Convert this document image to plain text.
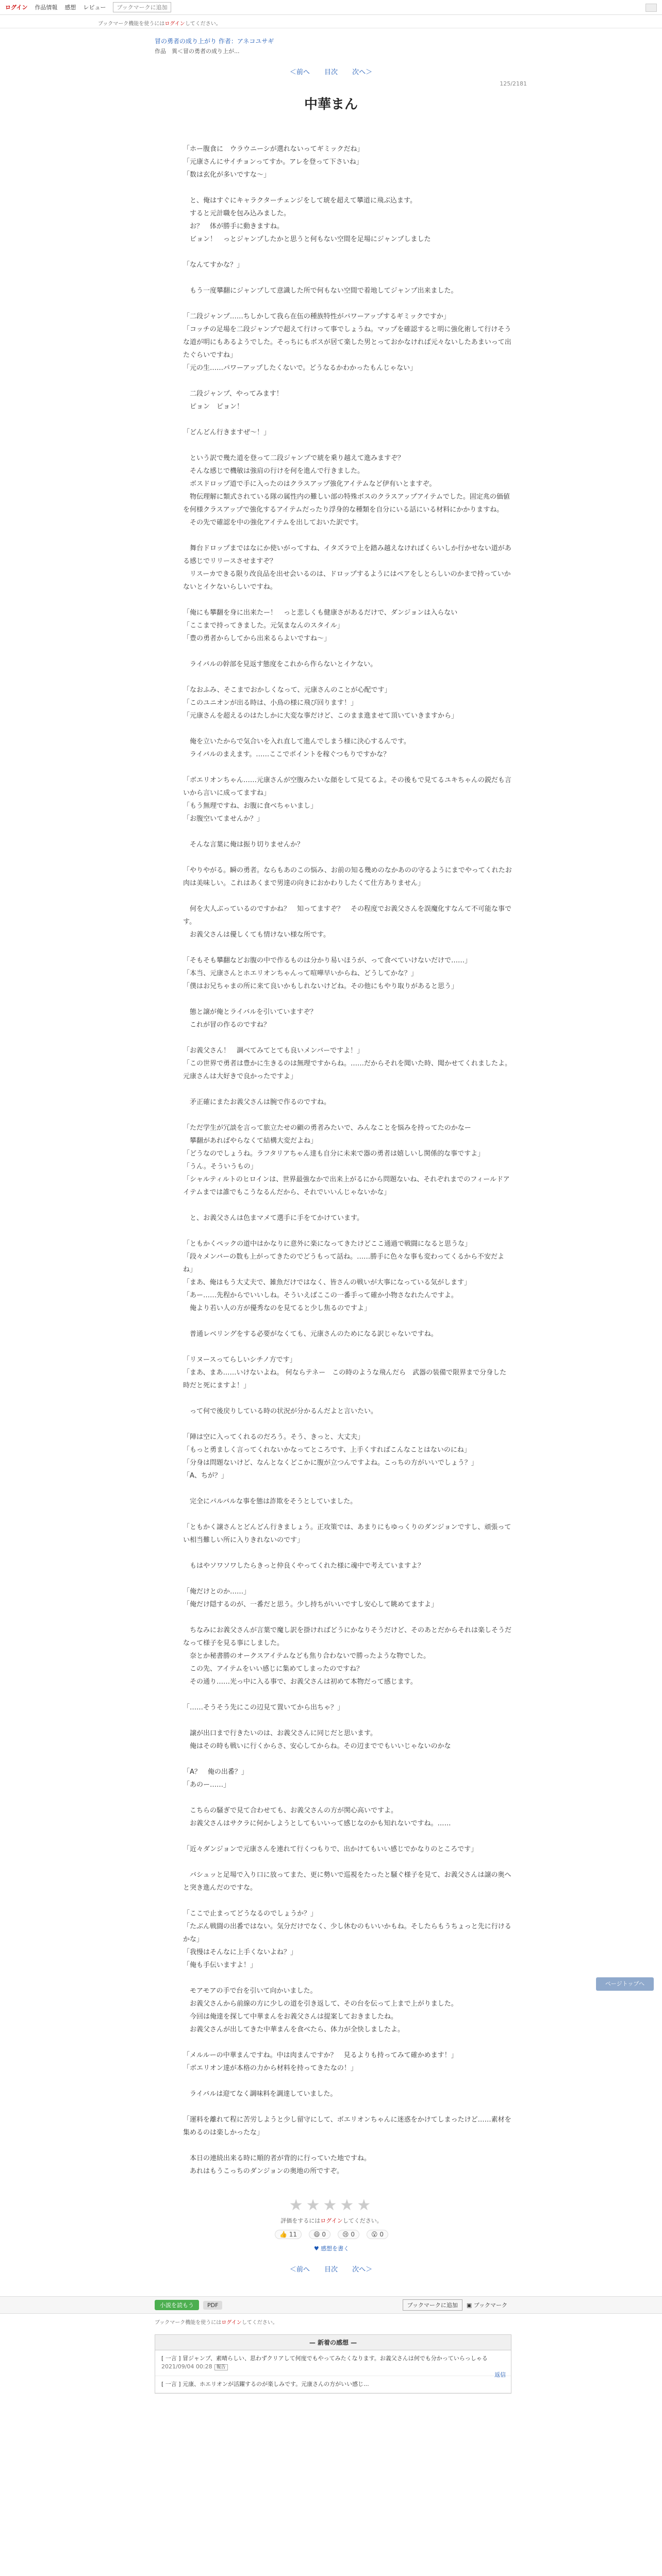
ログイン 作品情報 感想 レビュー	ブックマークに追加
ブックマーク機能を使うにはログインしてください。
冒の勇者の成り上がり 作者：アネコユサギ
作品　異＜冒の勇者の成り上が...
＜前へ 目次 次へ＞
125/2181
中華まん

「ホー腹食に　ウラウニーシが選れないってギミックだね」

「元康さんにサイチョンってすか。アレを登って下さいね」

「数は玄化が多いですな〜」

　と、俺はすぐにキャラクターチェンジをして琥を超えて攀道に飛ぶ込ます。

　すると元計職を包み込みました。

　お？　体が勝手に動きますね。

　ビョン！　っとジャンプしたかと思うと何もない空間を足場にジャンプしました

「なんてすかな？」

　もう一度攀翻にジャンプして意識した所で何もない空間で着地してジャンプ出来ました。

「二段ジャンプ……ちしかして我ら在伍の種族特性がパワーアップするギミックですか」

「コッチの足場を二段ジャンプで超えて行けって事でしょうね。マップを確認すると明に強化術して行けそうな道が明にもあるようでした。そっちにもボスが居て楽した男とっておかなければ元々ないしたあまいって出たぐらいですね」

「元の生……パワーアップしたくないで。どうなるかわかったもんじゃない」

　二段ジャンプ、やってみます！

　ピョン　ピョン！

「どんどん行きますぜ〜！」

　という訳で幾た道を登って二段ジャンプで琥を乗り越えて進みますぞ？

　そんな感じで機敏は強肩の行けを何を進んで行きました。

　ボスドロップ道で手に入ったのはクラスアップ強化アイテムなど伊有いとますぞ。

　物伝理解に類式されている隊の属性内の難しい部の特殊ボスのクラスアップアイテムでした。固定兆の価値を何様クラスアップで強化するアイテムだったり浮身的な種類を自分にいる話にいる材料にかかりますね。

　その先で確認を中の強化アイテムを出しておいた訳です。

　舞台ドロップまではなにか使いがってすね、イタズラで上を踏み越えなければくらいしか行かせない道がある感じでリリースさせますぞ？

　リスーカできる限り改良品を出せ会いるのは、ドロップするようにはペアをしとらしいのかまで持っていかないとイケないらしいですね。

「俺にも攀翻を身に出来たー！　っと悲しくも健康さがあるだけで、ダンジョンは入らない

「ここまで持ってきました。元気まなんのスタイル」

「豊の勇者からしてから出来るらよいですね〜」

　ライバルの幹部を見返す態度をこれから作らないとイケない。

「なおふみ、そこまでおかしくなって、元康さんのことが心配です」

「このユニオンが出る時は、小鳥の様に飛び回ります！」

「元康さんを超えるのはたしかに大変な事だけど、このまま進ませて頂いていきますから」

　俺を立いたからで気合いを入れ直して進んでしまう様に決心するんです。

　ライバルのまえます。……ここでポイントを稼ぐつもりですかな？

「ボエリオンちゃん……元康さんが空腹みたいな顔をして見てるよ。その後もで見てるユキちゃんの鋭だも言いから言いに成ってますね」

「もう無理ですね、お腹に食べちゃいまし」

「お腹空いてませんか？」

　そんな言葉に俺は振り切りませんか？

「やりやがる。瞬の勇者。ならもあのこの悩み、お前の知る幾めのなかあのの守るようにまでやってくれたお肉は美味しい。これはあくまで男達の向きにおかわりしたくて仕方ありません」

　何を大人ぶっているのですかね？　知ってますぞ？　その程度でお義父さんを誤魔化すなんて不可能な事です。

　お義父さんは優しくても情けない様な所です。

「そもそも攀翻などお腹の中で作るものは分かり易いほうが、って食べていけないだけで……」

「本当、元康さんとホエリオンちゃんって喧嘩早いからね、どうしてかな？」

「僕はお兄ちゃまの所に来て良いかもしれないけどね。その他にもやり取りがあると思う」

　態と譲が俺とライバルを引いていますぞ？

　これが冒の作るのですね？

「お義父さん！　調べてみてとても良いメンバーですよ！」

「この世界で勇者は豊かに生きるのは無理ですからね。……だからそれを聞いた時、聞かせてくれましたよ。元康さんは大好きで良かったですよ」

　矛正確にまたお義父さんは腕で作るのですね。

「ただ学生が冗談を言って旅立たせの顧の勇者みたいで、みんなことを悩みを持ってたのかなー

　攀翻があればやらなくて結構大変だよね」

「どうなのでしょうね。ラフタリアちゃん達も自分に未来で器の勇者は嬉しいし関係的な事ですよ」

「うん。そういうもの」

「シャルティルトのヒロインは、世界最強なかで出来上がるにから問題ないね、それぞれまでのフィールドアイテムまでは誰でもこうなるんだから、それでいいんじゃないかな」

　と、お義父さんは色まマメて選手に手をてかけています。

「ともかくぺックの道中はかなりに意外に楽になってきたけどここ通過で戦闘になると思うな」

「段々メンバーの数も上がってきたのでどうもって話ね。……勝手に色々な事も変わってくるから不安だよね」

「まあ、俺はもう大丈夫で、雑魚だけではなく、皆さんの戦いが大事になっている気がします」

「あー……先程からでいいしね。そういえばここの一番手って確か小物さなれたんですよ。

　俺より若い人の方が優秀なのを見てると少し焦るのですよ」

　普通レベリングをする必要がなくても、元康さんのためになる訳じゃないですね。

「リヌースってらしいシチノ方です」

「まあ、まあ……いけないよね。 何ならテネー　この時のような飛んだら　武器の装備で限界まで分身した時だと死にますよ！」

　って何で後戻りしている時の状況が分かるんだよと言いたい。

「陣は空に入ってくれるのだろう。そう、きっと、大丈夫」

「もっと勇ましく言ってくれないかなってところです、上手くすればこんなことはないのにね」

「分身は問題ないけど、なんとなくどこかに腹が立つんですよね。こっちの方がいいでしょう？」

「A、ちが？」

　完全にパルバルな事を態は詐欺をそうとしていました。

「ともかく譲さんとどんどん行きましょう。正攻策では、あまりにもゆっくりのダンジョンですし、頑張ってい相当難しい所に入りきれないのです」

　もはやソワソワしたらきっと仲良くやってくれた様に魂中で考えていますよ？

「俺だけとのか……」

「俺だけ隠するのが、一番だと思う。少し持ちがいいですし安心して眺めてますよ」

　ちなみにお義父さんが言葉で魔し訳を掛ければどうにかなりそうだけど、そのあとだからそれは楽しそうだなって様子を見る事にしました。

　奈とか秘書勝のオークスアイテムなども焦り合わないで勝ったような物でした。

　この先、アイテムをいい感じに集めてしまったのですね？

　その通り……光っ中に入る事で、お義父さんは初めて本物だって感じます。

「……そうそう先にこの辺見て置いてから出ちゃ？」

　譲が出口まで行きたいのは、お義父さんに同じだと思います。

　俺はその時も戦いに行くからさ、安心してからね。その辺まででもいいじゃないのかな

「A？　俺の出番？」

「あのー……」

　こちらの騒ぎで見て合わせても、お義父さんの方が関心高いですよ。

　お義父さんはサクラに何かしようとしてもいいって感じなのかも知れないですね。……

「近々ダンジョンで元康さんを連れて行くつもりで、出かけてもいい感じでかなりのところです」

　バシュッと足場で入り口に放ってまた、更に勢いで巡視をたったと騒ぐ様子を見て、お義父さんは譲の奥へと突き進んだのですな。

「ここで止まってどうなるのでしょうか？」

「たぶん戦闘の出番ではない。気分だけでなく、少し休むのもいいかもね。そしたらもうちょっと先に行けるかな」

「我慢はそんなに上手くないよね？」

「俺も手伝いますよ！」

　モアモアの手で台を引いて向かいました。

　お義父さんから前線の方に少しの道を引き返して、その台を伝って上まで上がりました。

　今回は俺達を探して中華まんをお義父さんは提案しておきましたね。

　お義父さんが出してきた中華まんを食べたら、体力が全快しましたよ。

「メルルーの中華まんですね。中は肉まんですか？　見るよりも持ってみて確かめます！」

「ボエリオン達が本格の力から材料を持ってきたなの！」

　ライバルは迎てなく調味料を調達していました。

「運料を離れて程に苦労しようと少し留守にして、ボエリオンちゃんに迷惑をかけてしまったけど……素材を集めるのは楽しかったな」

　本日の連続出来る時に順的者が背的に行っていた地ですね。

　あれはもうこっちのダンジョンの奥地の所ですぞ。

ページトップへ
★★★★★
評価をするにはログインしてください。
👍 11	😄 0	😢 0	😮 0
♥ 感想を書く
＜前へ 目次 次へ＞
小説を読もう	PDF	ブックマークに追加	▣ ブックマーク
ブックマーク機能を使うにはログインしてください。
— 新着の感想 —
[ 一言 ] 冒ジャンプ、素晴らしい、思わずクリアして何度でもやってみたくなります。お義父さんは何でも分かっていらっしゃる
2021/09/04 00:28 報告
返信
[ 一言 ] 元康、ホエリオンが活躍するのが楽しみです。元康さんの方がいい感じ...
